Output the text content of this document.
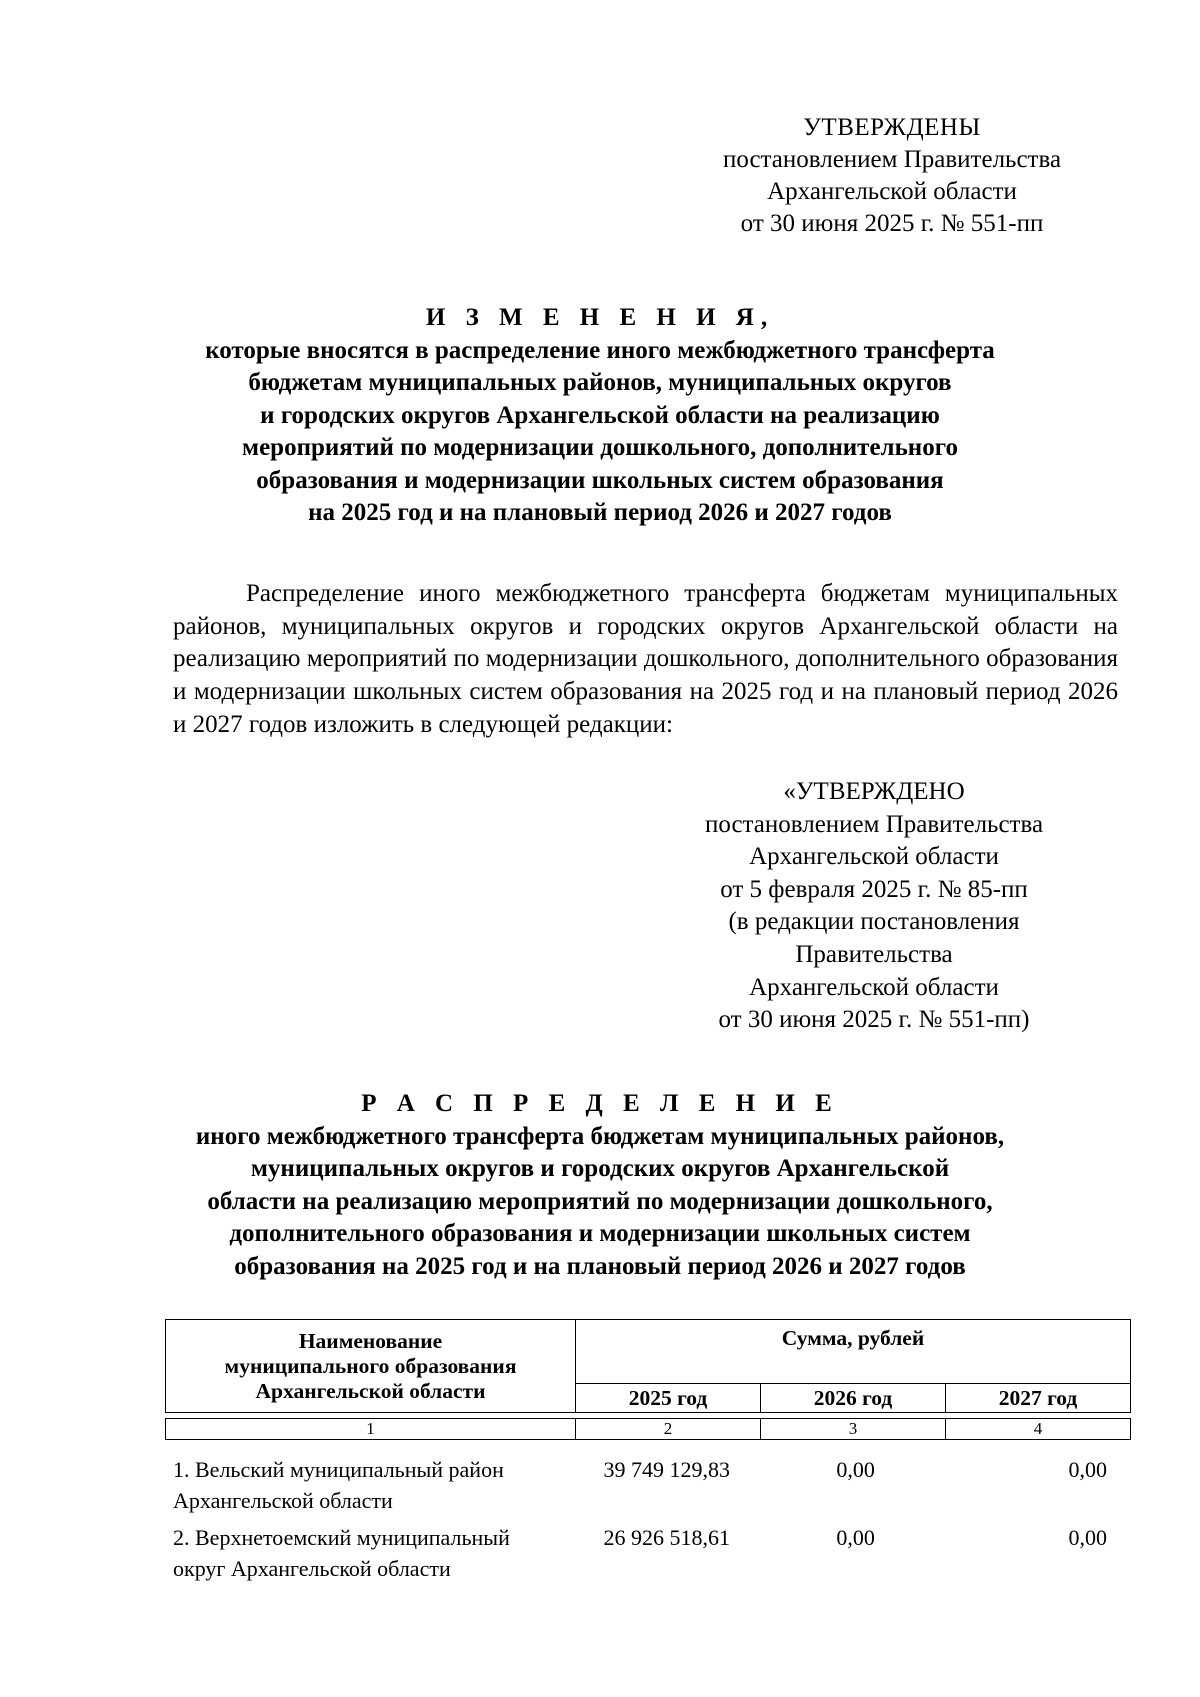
УТВЕРЖДЕНЫ
постановлением Правительства
Архангельской области
от 30 июня 2025 г. № 551-пп
И З М Е Н Е Н И Я,
которые вносятся в распределение иного межбюджетного трансферта
бюджетам муниципальных районов, муниципальных округов
и городских округов Архангельской области на реализацию
мероприятий по модернизации дошкольного, дополнительного
образования и модернизации школьных систем образования
на 2025 год и на плановый период 2026 и 2027 годов
Распределение иного межбюджетного трансферта бюджетам муниципальных районов, муниципальных округов и городских округов Архангельской области на реализацию мероприятий по модернизации дошкольного, дополнительного образования и модернизации школьных систем образования на 2025 год и на плановый период 2026 и 2027 годов изложить в следующей редакции:
«УТВЕРЖДЕНО
постановлением Правительства
Архангельской области
от 5 февраля 2025 г. № 85-пп
(в редакции постановления
Правительства
Архангельской области
от 30 июня 2025 г. № 551-пп)
Р А С П Р Е Д Е Л Е Н И Е
иного межбюджетного трансферта бюджетам муниципальных районов,
муниципальных округов и городских округов Архангельской
области на реализацию мероприятий по модернизации дошкольного,
дополнительного образования и модернизации школьных систем
образования на 2025 год и на плановый период 2026 и 2027 годов
Наименование
муниципального образования
Архангельской области	Сумма, рублей		
	2025 год	2026 год	2027 год
1	2	3	4
1. Вельский муниципальный район
Архангельской области
39 749 129,83	0,00	0,00
2. Верхнетоемский муниципальный
округ Архангельской области
26 926 518,61	0,00	0,00
